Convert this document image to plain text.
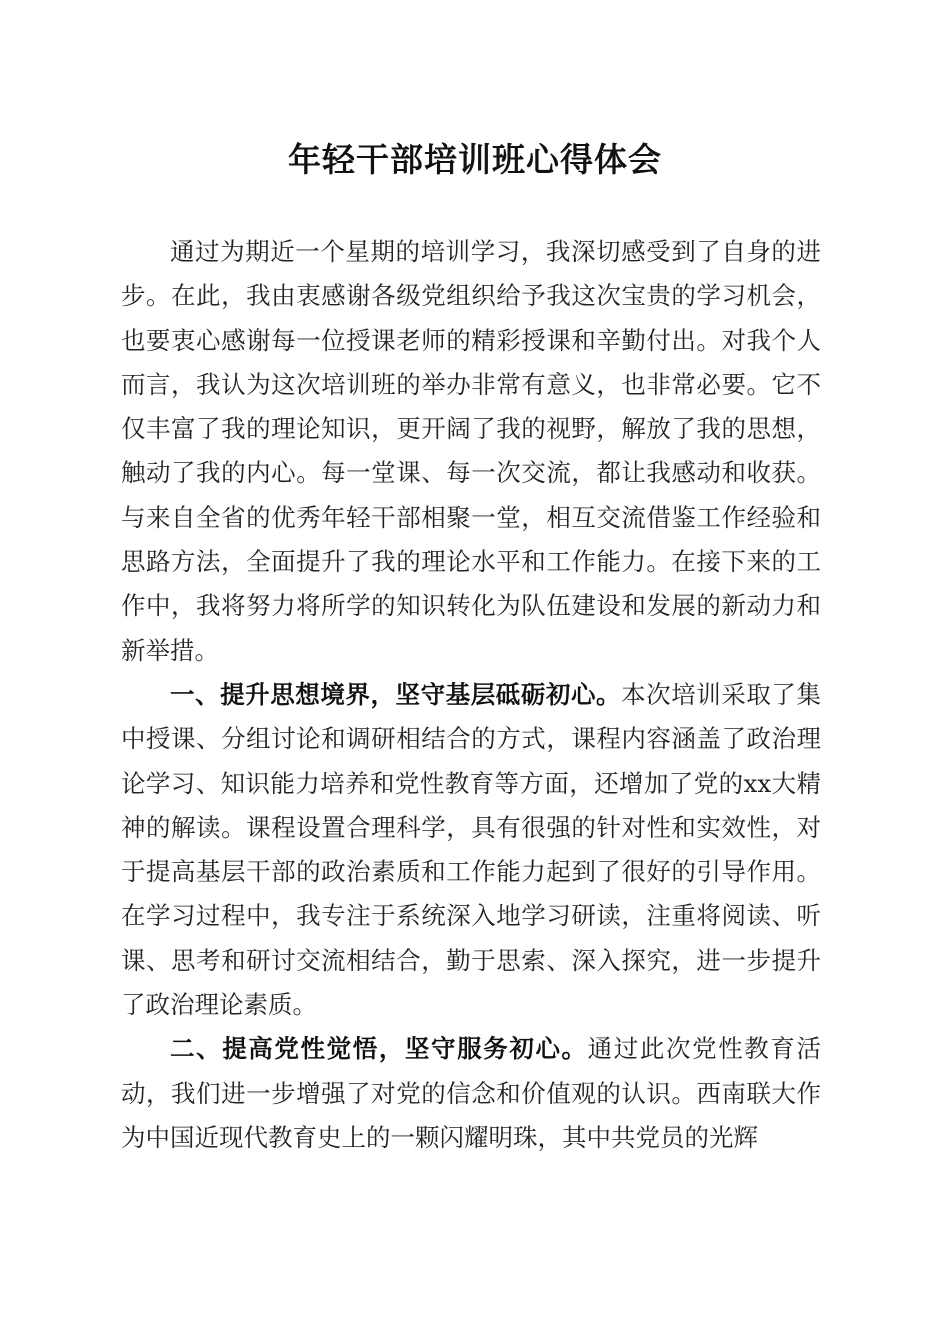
年轻干部培训班心得体会

通过为期近一个星期的培训学习，我深切感受到了自身的进步。在此，我由衷感谢各级党组织给予我这次宝贵的学习机会，也要衷心感谢每一位授课老师的精彩授课和辛勤付出。对我个人而言，我认为这次培训班的举办非常有意义，也非常必要。它不仅丰富了我的理论知识，更开阔了我的视野，解放了我的思想，触动了我的内心。每一堂课、每一次交流，都让我感动和收获。与来自全省的优秀年轻干部相聚一堂，相互交流借鉴工作经验和思路方法，全面提升了我的理论水平和工作能力。在接下来的工作中，我将努力将所学的知识转化为队伍建设和发展的新动力和新举措。

一、提升思想境界，坚守基层砥砺初心。本次培训采取了集中授课、分组讨论和调研相结合的方式，课程内容涵盖了政治理论学习、知识能力培养和党性教育等方面，还增加了党的xx大精神的解读。课程设置合理科学，具有很强的针对性和实效性，对于提高基层干部的政治素质和工作能力起到了很好的引导作用。在学习过程中，我专注于系统深入地学习研读，注重将阅读、听课、思考和研讨交流相结合，勤于思索、深入探究，进一步提升了政治理论素质。

二、提高党性觉悟，坚守服务初心。通过此次党性教育活动，我们进一步增强了对党的信念和价值观的认识。西南联大作为中国近现代教育史上的一颗闪耀明珠，其中共党员的光辉
